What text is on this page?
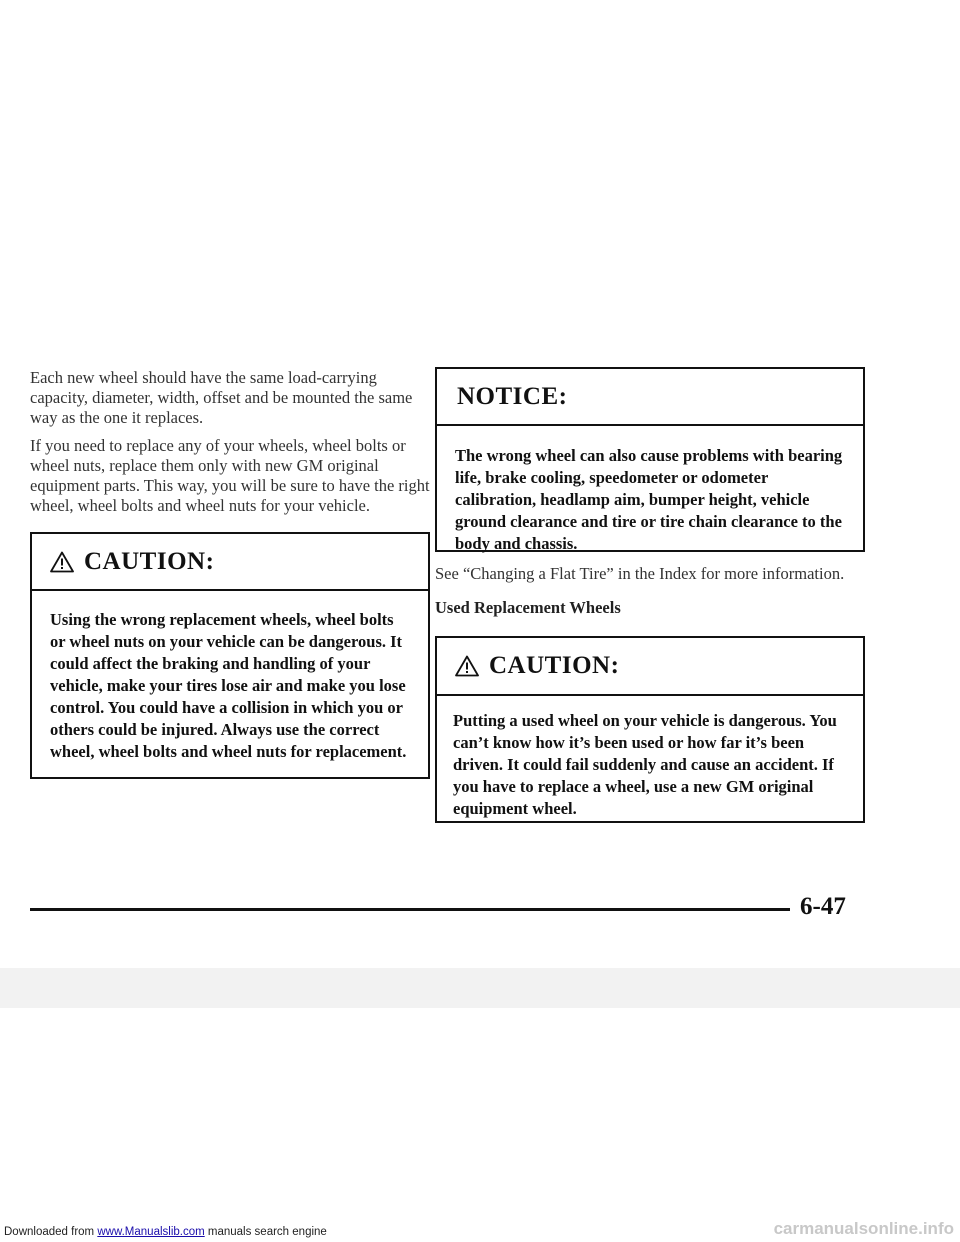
Each new wheel should have the same load-carrying capacity, diameter, width, offset and be mounted the same way as the one it replaces.

If you need to replace any of your wheels, wheel bolts or wheel nuts, replace them only with new GM original equipment parts. This way, you will be sure to have the right wheel, wheel bolts and wheel nuts for your vehicle.

CAUTION:
Using the wrong replacement wheels, wheel bolts or wheel nuts on your vehicle can be dangerous. It could affect the braking and handling of your vehicle, make your tires lose air and make you lose control. You could have a collision in which you or others could be injured. Always use the correct wheel, wheel bolts and wheel nuts for replacement.
NOTICE:
The wrong wheel can also cause problems with bearing life, brake cooling, speedometer or odometer calibration, headlamp aim, bumper height, vehicle ground clearance and tire or tire chain clearance to the body and chassis.

See “Changing a Flat Tire” in the Index for more information.

Used Replacement Wheels

CAUTION:
Putting a used wheel on your vehicle is dangerous. You can’t know how it’s been used or how far it’s been driven. It could fail suddenly and cause an accident. If you have to replace a wheel, use a new GM original equipment wheel.
6-47
Downloaded from www.Manualslib.com manuals search engine	carmanualsonline.info
